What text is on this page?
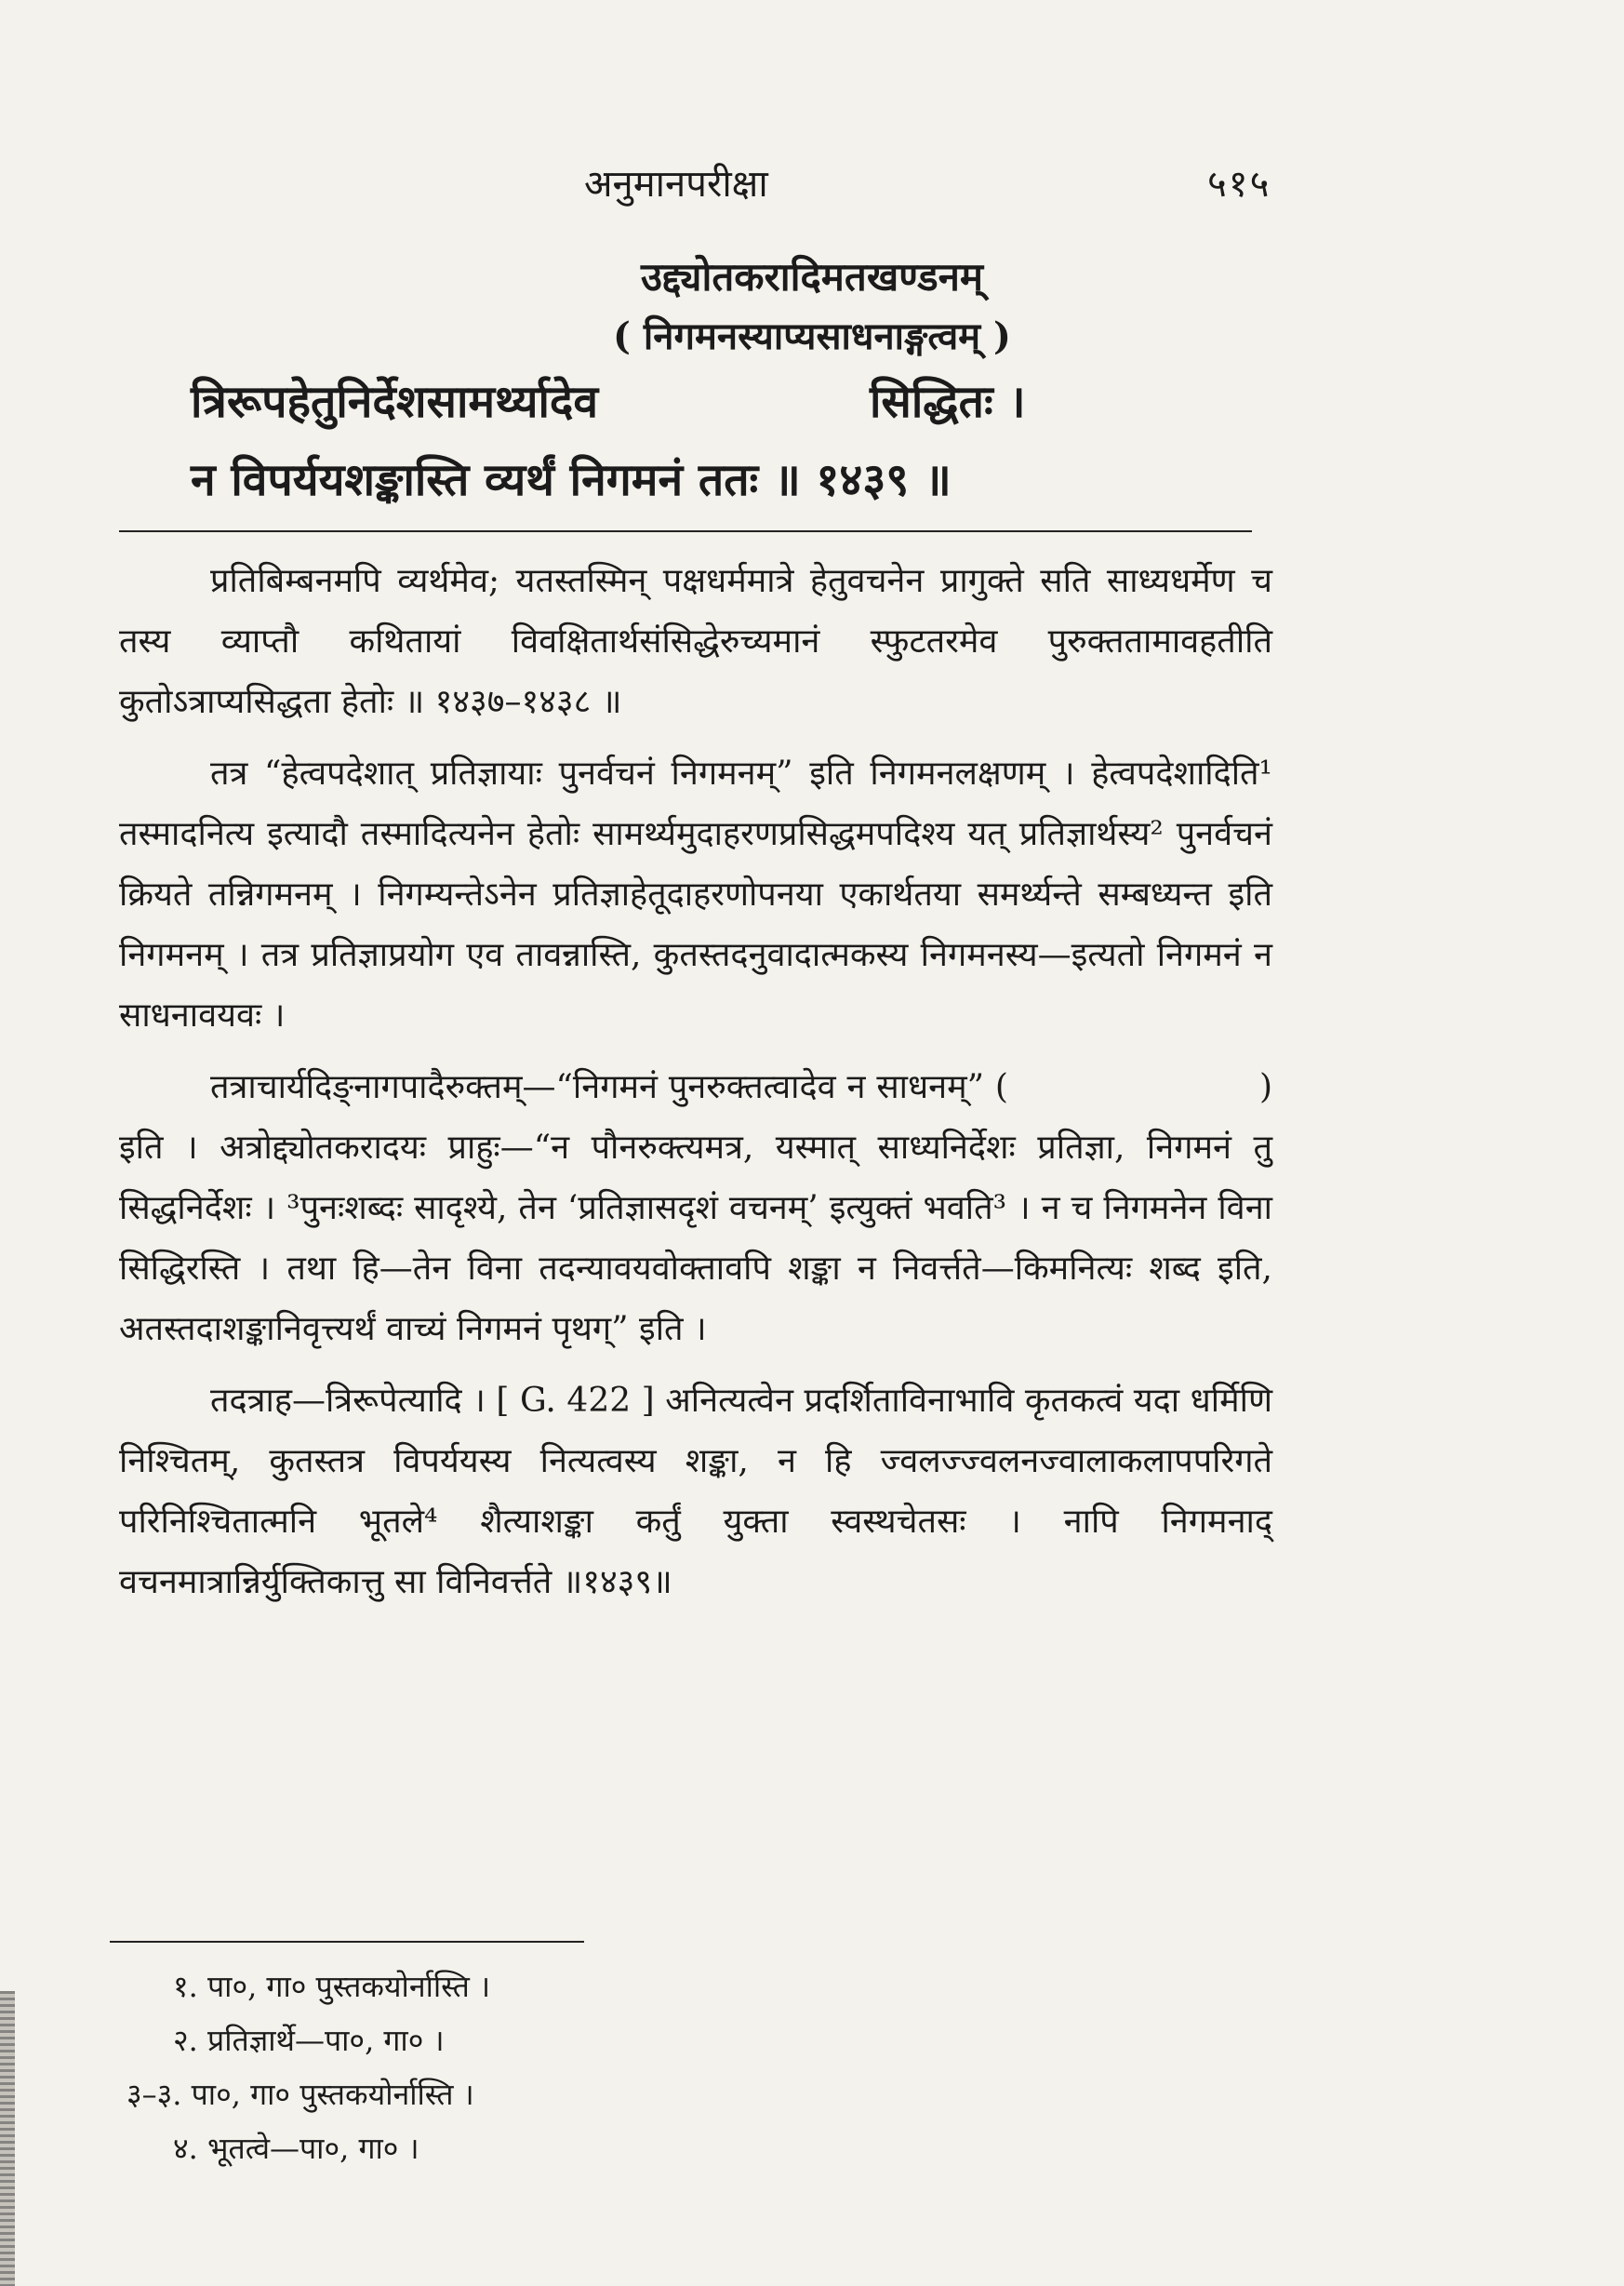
अनुमानपरीक्षा	५१५
उद्द्योतकरादिमतखण्डनम्
( निगमनस्याप्यसाधनाङ्गत्वम् )
त्रिरूपहेतुनिर्देशसामर्थ्यादेव	सिद्धितः ।
न विपर्ययशङ्कास्ति व्यर्थं निगमनं ततः ॥ १४३९ ॥

प्रतिबिम्बनमपि व्यर्थमेव; यतस्तस्मिन् पक्षधर्ममात्रे हेतुवचनेन प्रागुक्ते सति साध्यधर्मेण च तस्य व्याप्तौ कथितायां विवक्षितार्थसंसिद्धेरुच्यमानं स्फुटतरमेव पुरुक्ततामावहतीति कुतोऽत्राप्यसिद्धता हेतोः ॥ १४३७–१४३८ ॥

तत्र “हेत्वपदेशात् प्रतिज्ञायाः पुनर्वचनं निगमनम्” इति निगमनलक्षणम् । हेत्वपदेशादिति¹ तस्मादनित्य इत्यादौ तस्मादित्यनेन हेतोः सामर्थ्यमुदाहरणप्रसिद्धमपदिश्य यत् प्रतिज्ञार्थस्य² पुनर्वचनं क्रियते तन्निगमनम् । निगम्यन्तेऽनेन प्रतिज्ञाहेतूदाहरणोपनया एकार्थतया समर्थ्यन्ते सम्बध्यन्त इति निगमनम् । तत्र प्रतिज्ञाप्रयोग एव तावन्नास्ति, कुतस्तदनुवादात्मकस्य निगमनस्य—इत्यतो निगमनं न साधनावयवः ।

तत्राचार्यदिङ्नागपादैरुक्तम्—“निगमनं पुनरुक्तत्वादेव न साधनम्” (	) इति । अत्रोद्द्योतकरादयः प्राहुः—“न पौनरुक्त्यमत्र, यस्मात् साध्यनिर्देशः प्रतिज्ञा, निगमनं तु सिद्धनिर्देशः । ³पुनःशब्दः सादृश्ये, तेन ‘प्रतिज्ञासदृशं वचनम्’ इत्युक्तं भवति³ । न च निगमनेन विना सिद्धिरस्ति । तथा हि—तेन विना तदन्यावयवोक्तावपि शङ्का न निवर्त्तते—किमनित्यः शब्द इति, अतस्तदाशङ्कानिवृत्त्यर्थं वाच्यं निगमनं पृथग्” इति ।

तदत्राह—त्रिरूपेत्यादि । [ G. 422 ] अनित्यत्वेन प्रदर्शिताविनाभावि कृतकत्वं यदा धर्मिणि निश्चितम्, कुतस्तत्र विपर्ययस्य नित्यत्वस्य शङ्का, न हि ज्वलज्ज्वलनज्वालाकलापपरिगते परिनिश्चितात्मनि भूतले⁴ शैत्याशङ्का कर्तुं युक्ता स्वस्थचेतसः । नापि निगमनाद् वचनमात्रान्निर्युक्तिकात्तु सा विनिवर्त्तते ॥१४३९॥

१. पा०, गा० पुस्तकयोर्नास्ति ।
२. प्रतिज्ञार्थे—पा०, गा० ।
३–३. पा०, गा० पुस्तकयोर्नास्ति ।
४. भूतत्वे—पा०, गा० ।
